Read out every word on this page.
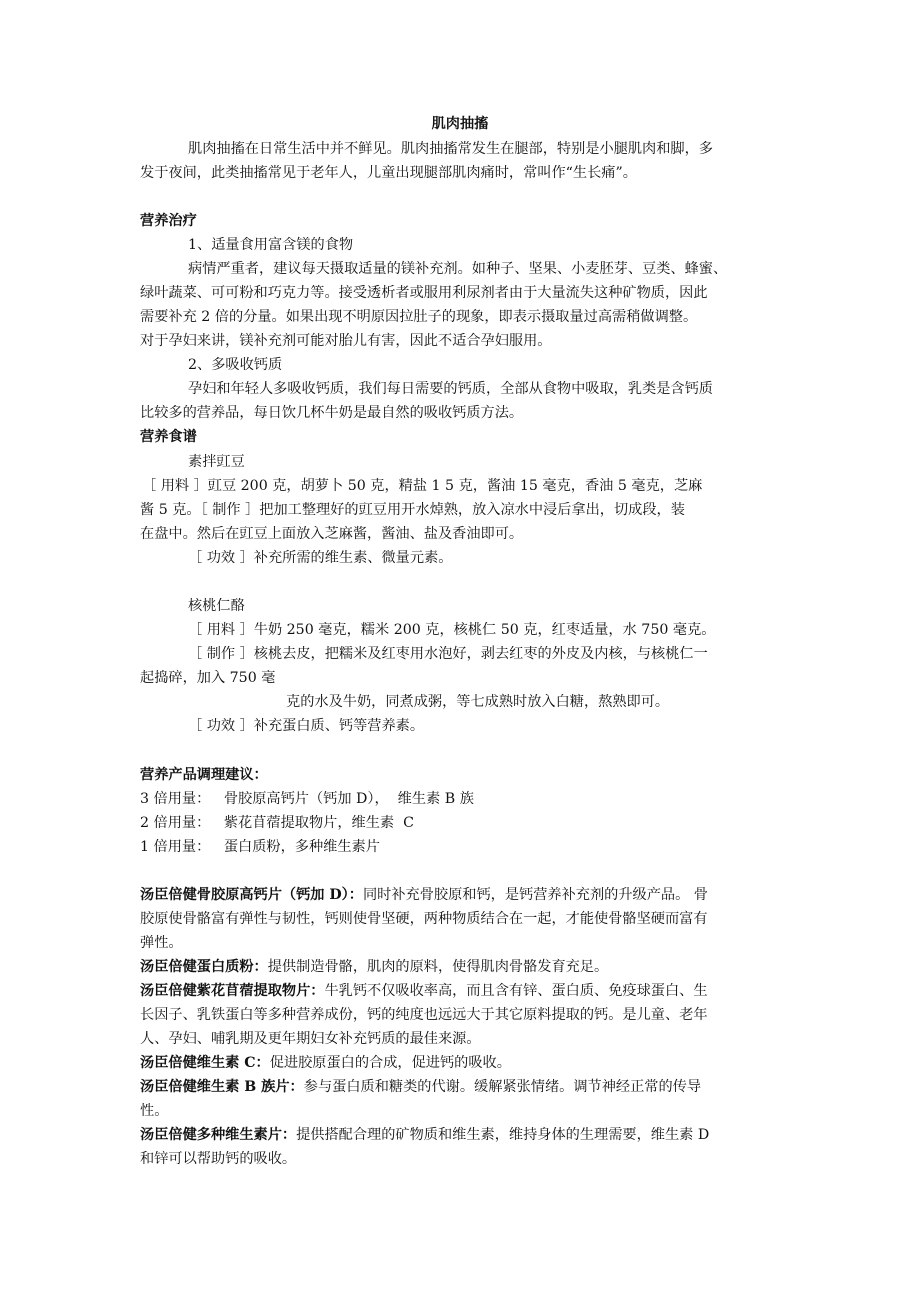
肌肉抽搐
肌肉抽搐在日常生活中并不鲜见。肌肉抽搐常发生在腿部，特别是小腿肌肉和脚，多
发于夜间，此类抽搐常见于老年人，儿童出现腿部肌肉痛时，常叫作“生长痛”。
营养治疗
1、适量食用富含镁的食物
病情严重者，建议每天摄取适量的镁补充剂。如种子、坚果、小麦胚芽、豆类、蜂蜜、
绿叶蔬菜、可可粉和巧克力等。接受透析者或服用利尿剂者由于大量流失这种矿物质，因此
需要补充 2 倍的分量。如果出现不明原因拉肚子的现象，即表示摄取量过高需稍做调整。
对于孕妇来讲，镁补充剂可能对胎儿有害，因此不适合孕妇服用。
2、多吸收钙质
孕妇和年轻人多吸收钙质，我们每日需要的钙质，全部从食物中吸取，乳类是含钙质
比较多的营养品，每日饮几杯牛奶是最自然的吸收钙质方法。
营养食谱
素拌豇豆
［ 用料 ］豇豆 200 克，胡萝卜 50 克，精盐 1 5 克，酱油 15 毫克，香油 5 毫克，芝麻
酱 5 克。［ 制作 ］把加工整理好的豇豆用开水焯熟，放入凉水中浸后拿出，切成段，装
在盘中。然后在豇豆上面放入芝麻酱，酱油、盐及香油即可。
［ 功效 ］补充所需的维生素、微量元素。
核桃仁酪
［ 用料 ］牛奶 250 毫克，糯米 200 克，核桃仁 50 克，红枣适量，水 750 毫克。
［ 制作 ］核桃去皮，把糯米及红枣用水泡好，剥去红枣的外皮及内核，与核桃仁一
起捣碎，加入 750 毫
克的水及牛奶，同煮成粥，等七成熟时放入白糖，熬熟即可。
［ 功效 ］补充蛋白质、钙等营养素。
营养产品调理建议：
3 倍用量：   骨胶原高钙片（钙加 D），  维生素 B 族
2 倍用量：   紫花苜蓿提取物片，维生素  C
1 倍用量：   蛋白质粉，多种维生素片
汤臣倍健骨胶原高钙片（钙加 D）：同时补充骨胶原和钙，是钙营养补充剂的升级产品。 骨
胶原使骨骼富有弹性与韧性，钙则使骨坚硬，两种物质结合在一起，才能使骨骼坚硬而富有
弹性。
汤臣倍健蛋白质粉：提供制造骨骼，肌肉的原料，使得肌肉骨骼发育充足。
汤臣倍健紫花苜蓿提取物片：牛乳钙不仅吸收率高，而且含有锌、蛋白质、免疫球蛋白、生
长因子、乳铁蛋白等多种营养成份，钙的纯度也远远大于其它原料提取的钙。是儿童、老年
人、孕妇、哺乳期及更年期妇女补充钙质的最佳来源。
汤臣倍健维生素 C：促进胶原蛋白的合成，促进钙的吸收。
汤臣倍健维生素 B 族片：参与蛋白质和糖类的代谢。缓解紧张情绪。调节神经正常的传导
性。
汤臣倍健多种维生素片：提供搭配合理的矿物质和维生素，维持身体的生理需要，维生素 D
和锌可以帮助钙的吸收。
